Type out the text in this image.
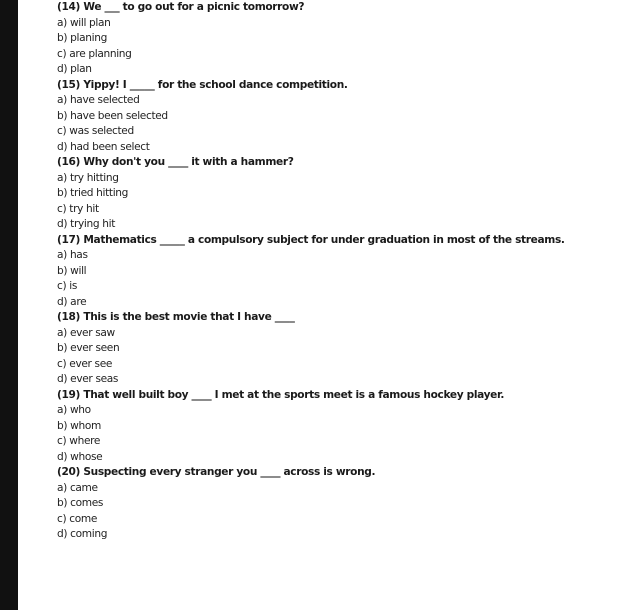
(14) We ___ to go out for a picnic tomorrow?
a) will plan
b) planing
c) are planning
d) plan
(15) Yippy! I _____ for the school dance competition.
a) have selected
b) have been selected
c) was selected
d) had been select
(16) Why don't you ____ it with a hammer?
a) try hitting
b) tried hitting
c) try hit
d) trying hit
(17) Mathematics _____ a compulsory subject for under graduation in most of the streams.
a) has
b) will
c) is
d) are
(18) This is the best movie that I have ____
a) ever saw
b) ever seen
c) ever see
d) ever seas
(19) That well built boy ____ I met at the sports meet is a famous hockey player.
a) who
b) whom
c) where
d) whose
(20) Suspecting every stranger you ____ across is wrong.
a) came
b) comes
c) come
d) coming
